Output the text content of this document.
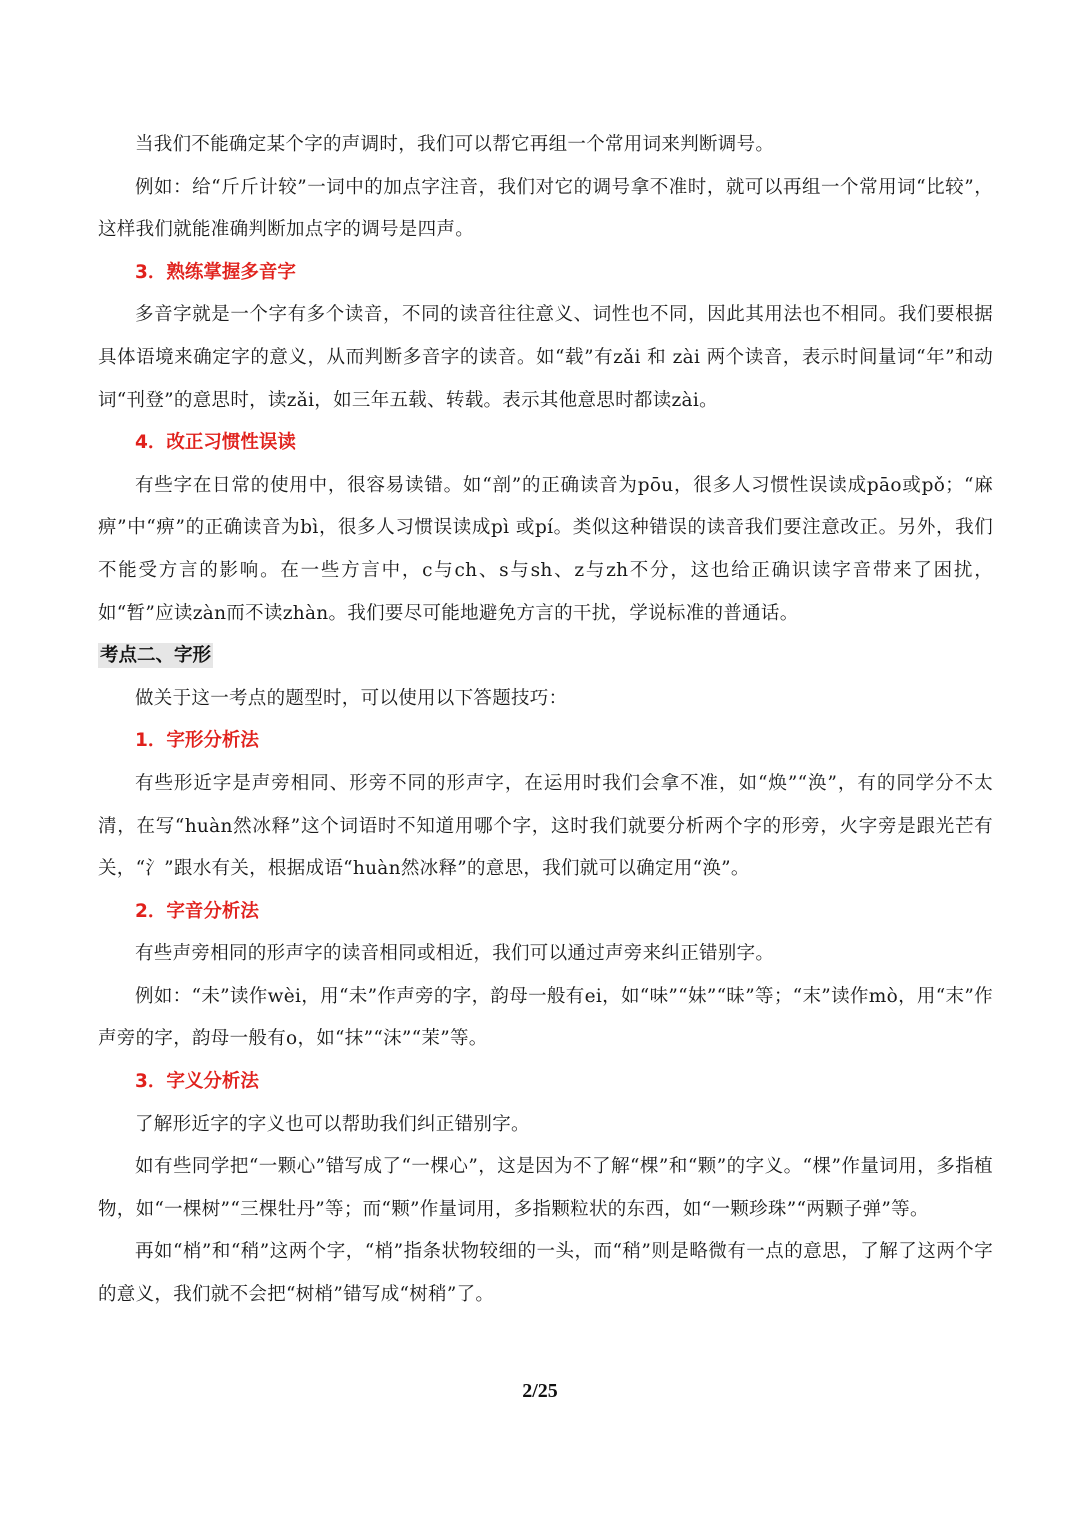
当我们不能确定某个字的声调时，我们可以帮它再组一个常用词来判断调号。

例如：给“斤斤计较”一词中的加点字注音，我们对它的调号拿不准时，就可以再组一个常用词“比较”，这样我们就能准确判断加点字的调号是四声。

3．熟练掌握多音字

多音字就是一个字有多个读音，不同的读音往往意义、词性也不同，因此其用法也不相同。我们要根据具体语境来确定字的意义，从而判断多音字的读音。如“载”有zǎi 和 zài 两个读音，表示时间量词“年”和动词“刊登”的意思时，读zǎi，如三年五载、转载。表示其他意思时都读zài。

4．改正习惯性误读

有些字在日常的使用中，很容易读错。如“剖”的正确读音为pōu，很多人习惯性误读成pāo或pǒ；“麻痹”中“痹”的正确读音为bì，很多人习惯误读成pì 或pí。类似这种错误的读音我们要注意改正。另外，我们不能受方言的影响。在一些方言中，c与ch、s与sh、z与zh不分，这也给正确识读字音带来了困扰，如“暂”应读zàn而不读zhàn。我们要尽可能地避免方言的干扰，学说标准的普通话。

考点二、字形

做关于这一考点的题型时，可以使用以下答题技巧：

1．字形分析法

有些形近字是声旁相同、形旁不同的形声字，在运用时我们会拿不准，如“焕”“涣”，有的同学分不太清，在写“huàn然冰释”这个词语时不知道用哪个字，这时我们就要分析两个字的形旁，火字旁是跟光芒有关，“氵”跟水有关，根据成语“huàn然冰释”的意思，我们就可以确定用“涣”。

2．字音分析法

有些声旁相同的形声字的读音相同或相近，我们可以通过声旁来纠正错别字。

例如：“未”读作wèi，用“未”作声旁的字，韵母一般有ei，如“味”“妹”“昧”等；“末”读作mò，用“末”作声旁的字，韵母一般有o，如“抹”“沫”“茉”等。

3．字义分析法

了解形近字的字义也可以帮助我们纠正错别字。

如有些同学把“一颗心”错写成了“一棵心”，这是因为不了解“棵”和“颗”的字义。“棵”作量词用，多指植物，如“一棵树”“三棵牡丹”等；而“颗”作量词用，多指颗粒状的东西，如“一颗珍珠”“两颗子弹”等。

再如“梢”和“稍”这两个字，“梢”指条状物较细的一头，而“稍”则是略微有一点的意思，了解了这两个字的意义，我们就不会把“树梢”错写成“树稍”了。

2/25
